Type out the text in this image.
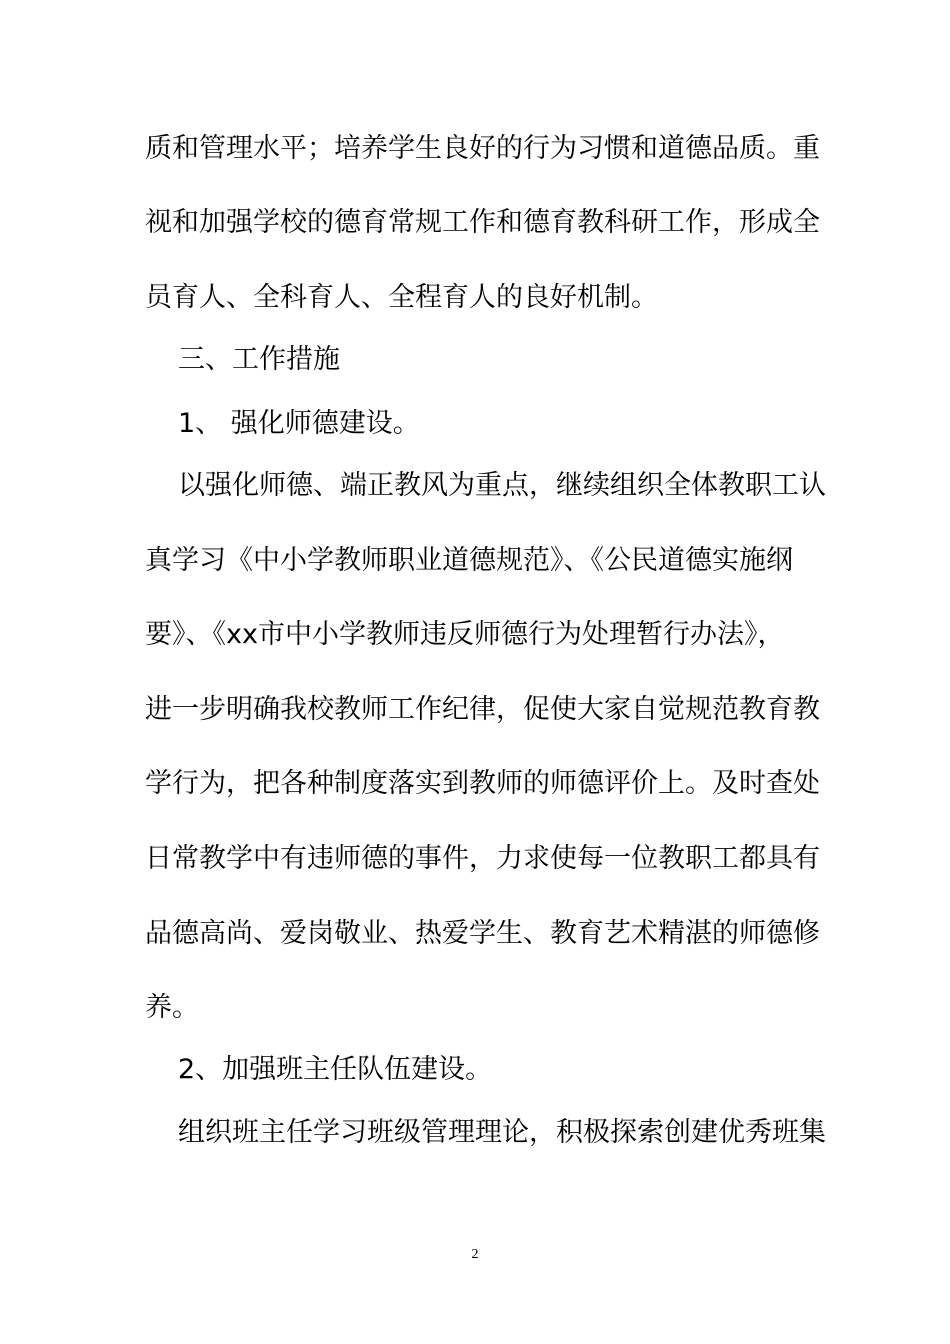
质和管理水平；培养学生良好的行为习惯和道德品质。重
视和加强学校的德育常规工作和德育教科研工作，形成全
员育人、全科育人、全程育人的良好机制。
三、工作措施
1、 强化师德建设。
以强化师德、端正教风为重点，继续组织全体教职工认
真学习《中小学教师职业道德规范》、《公民道德实施纲
要》、《xx市中小学教师违反师德行为处理暂行办法》，
进一步明确我校教师工作纪律，促使大家自觉规范教育教
学行为，把各种制度落实到教师的师德评价上。及时查处
日常教学中有违师德的事件，力求使每一位教职工都具有
品德高尚、爱岗敬业、热爱学生、教育艺术精湛的师德修
养。
2、加强班主任队伍建设。
组织班主任学习班级管理理论，积极探索创建优秀班集
2
